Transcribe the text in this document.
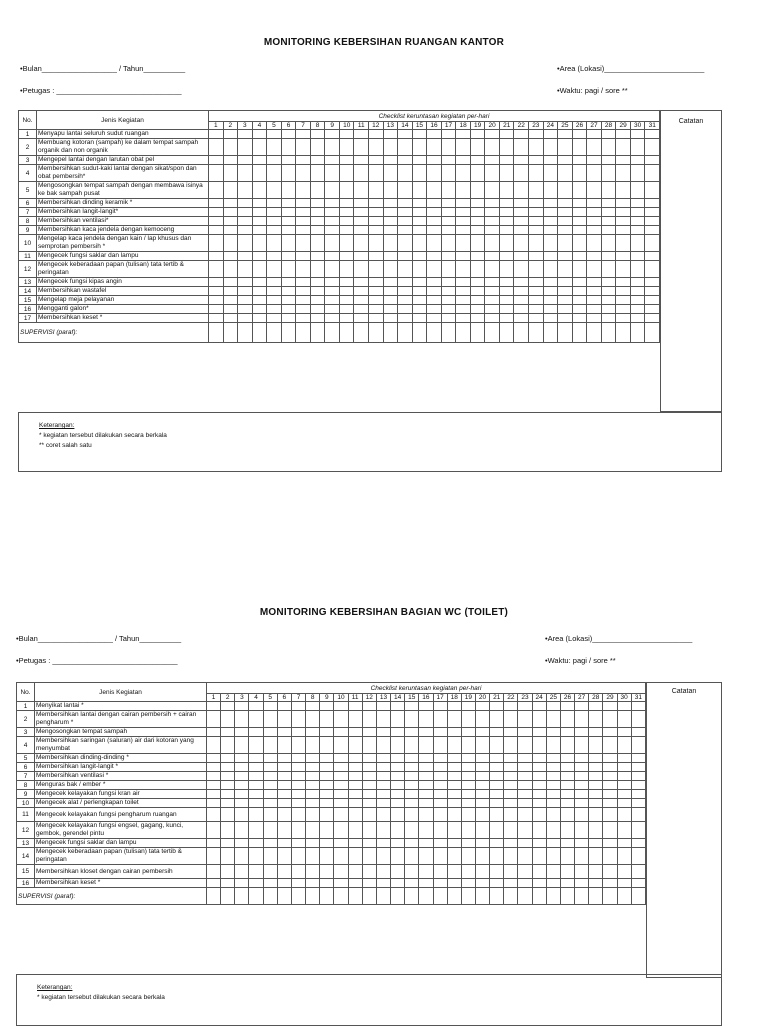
MONITORING KEBERSIHAN RUANGAN KANTOR
•Bulan__________________ / Tahun__________	•Area (Lokasi)________________________
•Petugas : ______________________________	•Waktu: pagi / sore **
No.	Jenis Kegiatan	Checklist keruntasan kegiatan per-hari																														
		1	2	3	4	5	6	7	8	9	10	11	12	13	14	15	16	17	18	19	20	21	22	23	24	25	26	27	28	29	30	31
1	Menyapu lantai seluruh sudut ruangan																															
2	Membuang kotoran (sampah) ke dalam tempat sampah organik dan non organik																															
3	Mengepel lantai dengan larutan obat pel																															
4	Membersihkan sudut-kaki lantai dengan sikat/spon dan obat pembersih*																															
5	Mengosongkan tempat sampah dengan membawa isinya ke bak sampah pusat																															
6	Membersihkan dinding keramik *																															
7	Membersihkan langit-langit*																															
8	Membersihkan ventilasi*																															
9	Membersihkan kaca jendela dengan kemoceng																															
10	Mengelap kaca jendela dengan kain / lap khusus dan semprotan pembersih *																															
11	Mengecek fungsi saklar dan lampu																															
12	Mengecek keberadaan papan (tulisan) tata tertib & peringatan																															
13	Mengecek fungsi kipas angin																															
14	Membersihkan wastafel																															
15	Mengelap meja pelayanan																															
16	Mengganti galon*																															
17	Membersihkan keset *																															
SUPERVISI (paraf):																																
Catatan
Keterangan:
* kegiatan tersebut dilakukan secara berkala
** coret salah satu
MONITORING KEBERSIHAN BAGIAN WC (TOILET)
•Bulan__________________ / Tahun__________	•Area (Lokasi)________________________
•Petugas : ______________________________	•Waktu: pagi / sore **
No.	Jenis Kegiatan	Checklist keruntasan kegiatan per-hari																														
		1	2	3	4	5	6	7	8	9	10	11	12	13	14	15	16	17	18	19	20	21	22	23	24	25	26	27	28	29	30	31
1	Menyikat lantai *																															
2	Membersihkan lantai dengan cairan pembersih + cairan pengharum *																															
3	Mengosongkan tempat sampah																															
4	Membersihkan saringan (saluran) air dari kotoran yang menyumbat																															
5	Membersihkan dinding-dinding *																															
6	Membersihkan langit-langit *																															
7	Membersihkan ventilasi *																															
8	Menguras bak / ember *																															
9	Mengecek kelayakan fungsi kran air																															
10	Mengecek alat / perlengkapan toilet																															
11	Mengecek kelayakan fungsi pengharum ruangan																															
12	Mengecek kelayakan fungsi engsel, gagang, kunci, gembok, gerendel pintu																															
13	Mengecek fungsi saklar dan lampu																															
14	Mengecek keberadaan papan (tulisan) tata tertib & peringatan																															
15	Membersihkan kloset dengan cairan pembersih																															
16	Membersihkan keset *																															
SUPERVISI (paraf):																																
Catatan
Keterangan:
* kegiatan tersebut dilakukan secara berkala
